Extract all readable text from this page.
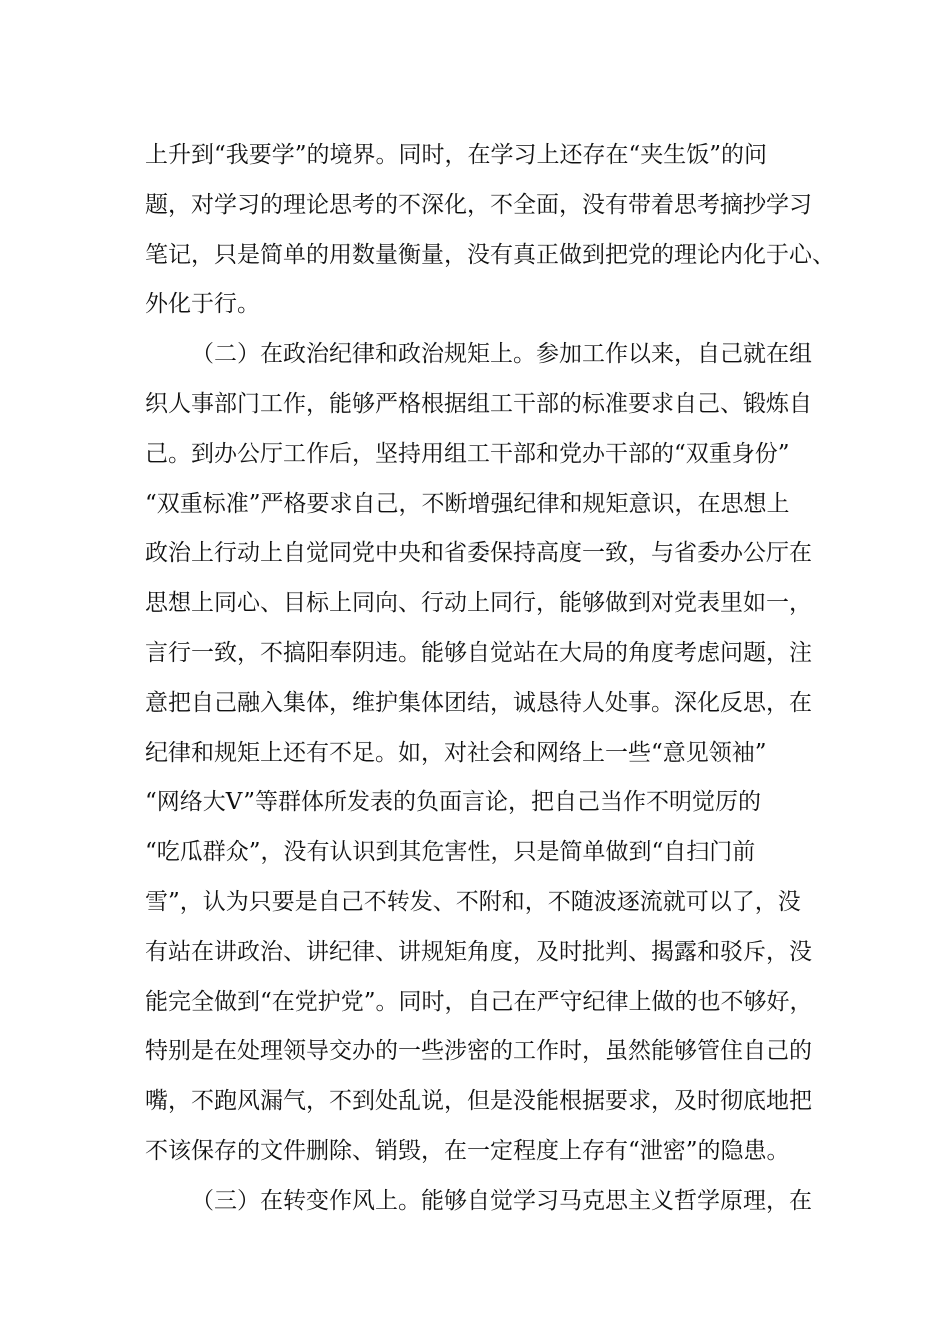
上升到“我要学”的境界。同时，在学习上还存在“夹生饭”的问
题，对学习的理论思考的不深化，不全面，没有带着思考摘抄学习
笔记，只是简单的用数量衡量，没有真正做到把党的理论内化于心、
外化于行。
（二）在政治纪律和政治规矩上。参加工作以来，自己就在组
织人事部门工作，能够严格根据组工干部的标准要求自己、锻炼自
己。到办公厅工作后，坚持用组工干部和党办干部的“双重身份”
“双重标准”严格要求自己，不断增强纪律和规矩意识，在思想上
政治上行动上自觉同党中央和省委保持高度一致，与省委办公厅在
思想上同心、目标上同向、行动上同行，能够做到对党表里如一，
言行一致，不搞阳奉阴违。能够自觉站在大局的角度考虑问题，注
意把自己融入集体，维护集体团结，诚恳待人处事。深化反思，在
纪律和规矩上还有不足。如，对社会和网络上一些“意见领袖”
“网络大V”等群体所发表的负面言论，把自己当作不明觉厉的
“吃瓜群众”，没有认识到其危害性，只是简单做到“自扫门前
雪”，认为只要是自己不转发、不附和，不随波逐流就可以了，没
有站在讲政治、讲纪律、讲规矩角度，及时批判、揭露和驳斥，没
能完全做到“在党护党”。同时，自己在严守纪律上做的也不够好，
特别是在处理领导交办的一些涉密的工作时，虽然能够管住自己的
嘴，不跑风漏气，不到处乱说，但是没能根据要求，及时彻底地把
不该保存的文件删除、销毁，在一定程度上存有“泄密”的隐患。
（三）在转变作风上。能够自觉学习马克思主义哲学原理，在
